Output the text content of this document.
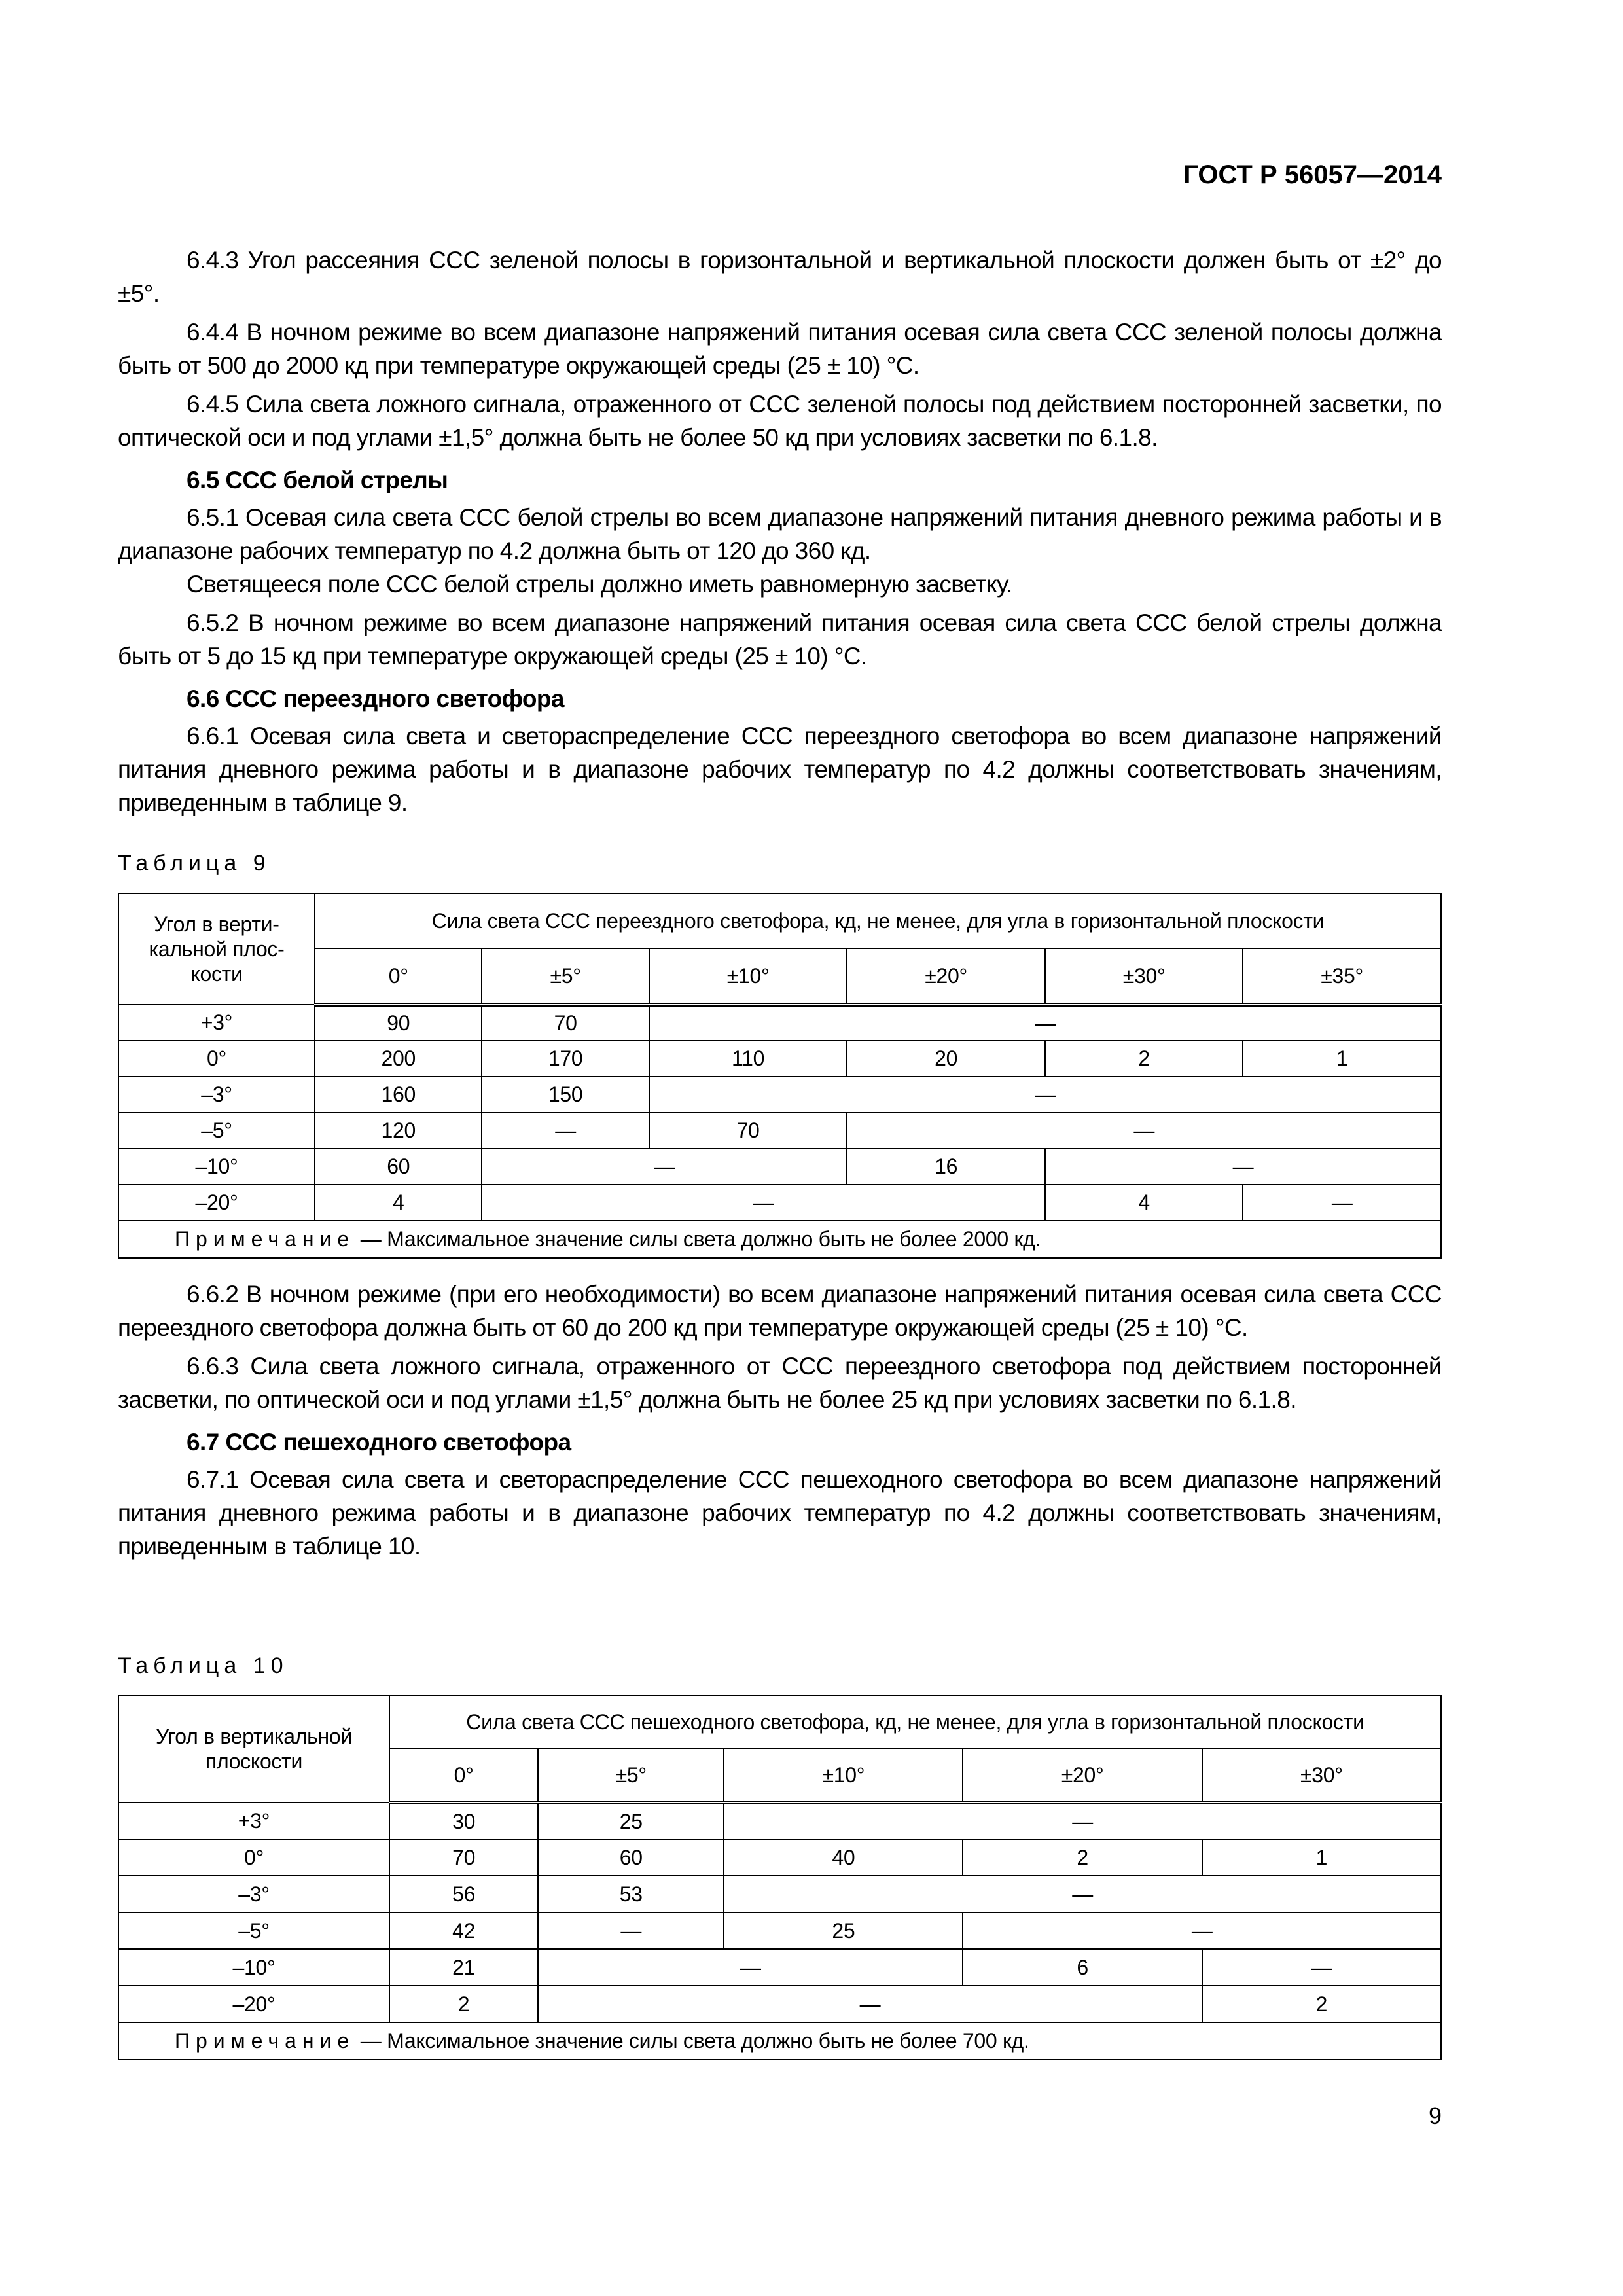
ГОСТ Р 56057—2014

6.4.3 Угол рассеяния ССС зеленой полосы в горизонтальной и вертикальной плоскости должен быть от ±2° до ±5°.

6.4.4 В ночном режиме во всем диапазоне напряжений питания осевая сила света ССС зеленой полосы должна быть от 500 до 2000 кд при температуре окружающей среды (25 ± 10) °С.

6.4.5 Сила света ложного сигнала, отраженного от ССС зеленой полосы под действием посторонней засветки, по оптической оси и под углами ±1,5° должна быть не более 50 кд при условиях засветки по 6.1.8.

6.5 ССС белой стрелы

6.5.1 Осевая сила света ССС белой стрелы во всем диапазоне напряжений питания дневного режима работы и в диапазоне рабочих температур по 4.2 должна быть от 120 до 360 кд.

Светящееся поле ССС белой стрелы должно иметь равномерную засветку.

6.5.2 В ночном режиме во всем диапазоне напряжений питания осевая сила света ССС белой стрелы должна быть от 5 до 15 кд при температуре окружающей среды (25 ± 10) °С.

6.6 ССС переездного светофора

6.6.1 Осевая сила света и светораспределение ССС переездного светофора во всем диапазоне напряжений питания дневного режима работы и в диапазоне рабочих температур по 4.2 должны соответствовать значениям, приведенным в таблице 9.

Таблица 9
Угол в верти-кальной плос-кости	Сила света ССС переездного светофора, кд, не менее, для угла в горизонтальной плоскости					
	0°	±5°	±10°	±20°	±30°	±35°
+3°	90	70	—			
0°	200	170	110	20	2	1
–3°	160	150	—			
–5°	120	—	70	—		
–10°	60	—		16	—	
–20°	4	—			4	—
Примечание — Максимальное значение силы света должно быть не более 2000 кд.						

6.6.2 В ночном режиме (при его необходимости) во всем диапазоне напряжений питания осевая сила света ССС переездного светофора должна быть от 60 до 200 кд при температуре окружающей среды (25 ± 10) °С.

6.6.3 Сила света ложного сигнала, отраженного от ССС переездного светофора под действием посторонней засветки, по оптической оси и под углами ±1,5° должна быть не более 25 кд при условиях засветки по 6.1.8.

6.7 ССС пешеходного светофора

6.7.1 Осевая сила света и светораспределение ССС пешеходного светофора во всем диапазоне напряжений питания дневного режима работы и в диапазоне рабочих температур по 4.2 должны соответствовать значениям, приведенным в таблице 10.

Таблица 10
Угол в вертикальной плоскости	Сила света ССС пешеходного светофора, кд, не менее, для угла в горизонтальной плоскости				
	0°	±5°	±10°	±20°	±30°
+3°	30	25	—		
0°	70	60	40	2	1
–3°	56	53	—		
–5°	42	—	25	—	
–10°	21	—		6	—
–20°	2	—			2
Примечание — Максимальное значение силы света должно быть не более 700 кд.					
9
